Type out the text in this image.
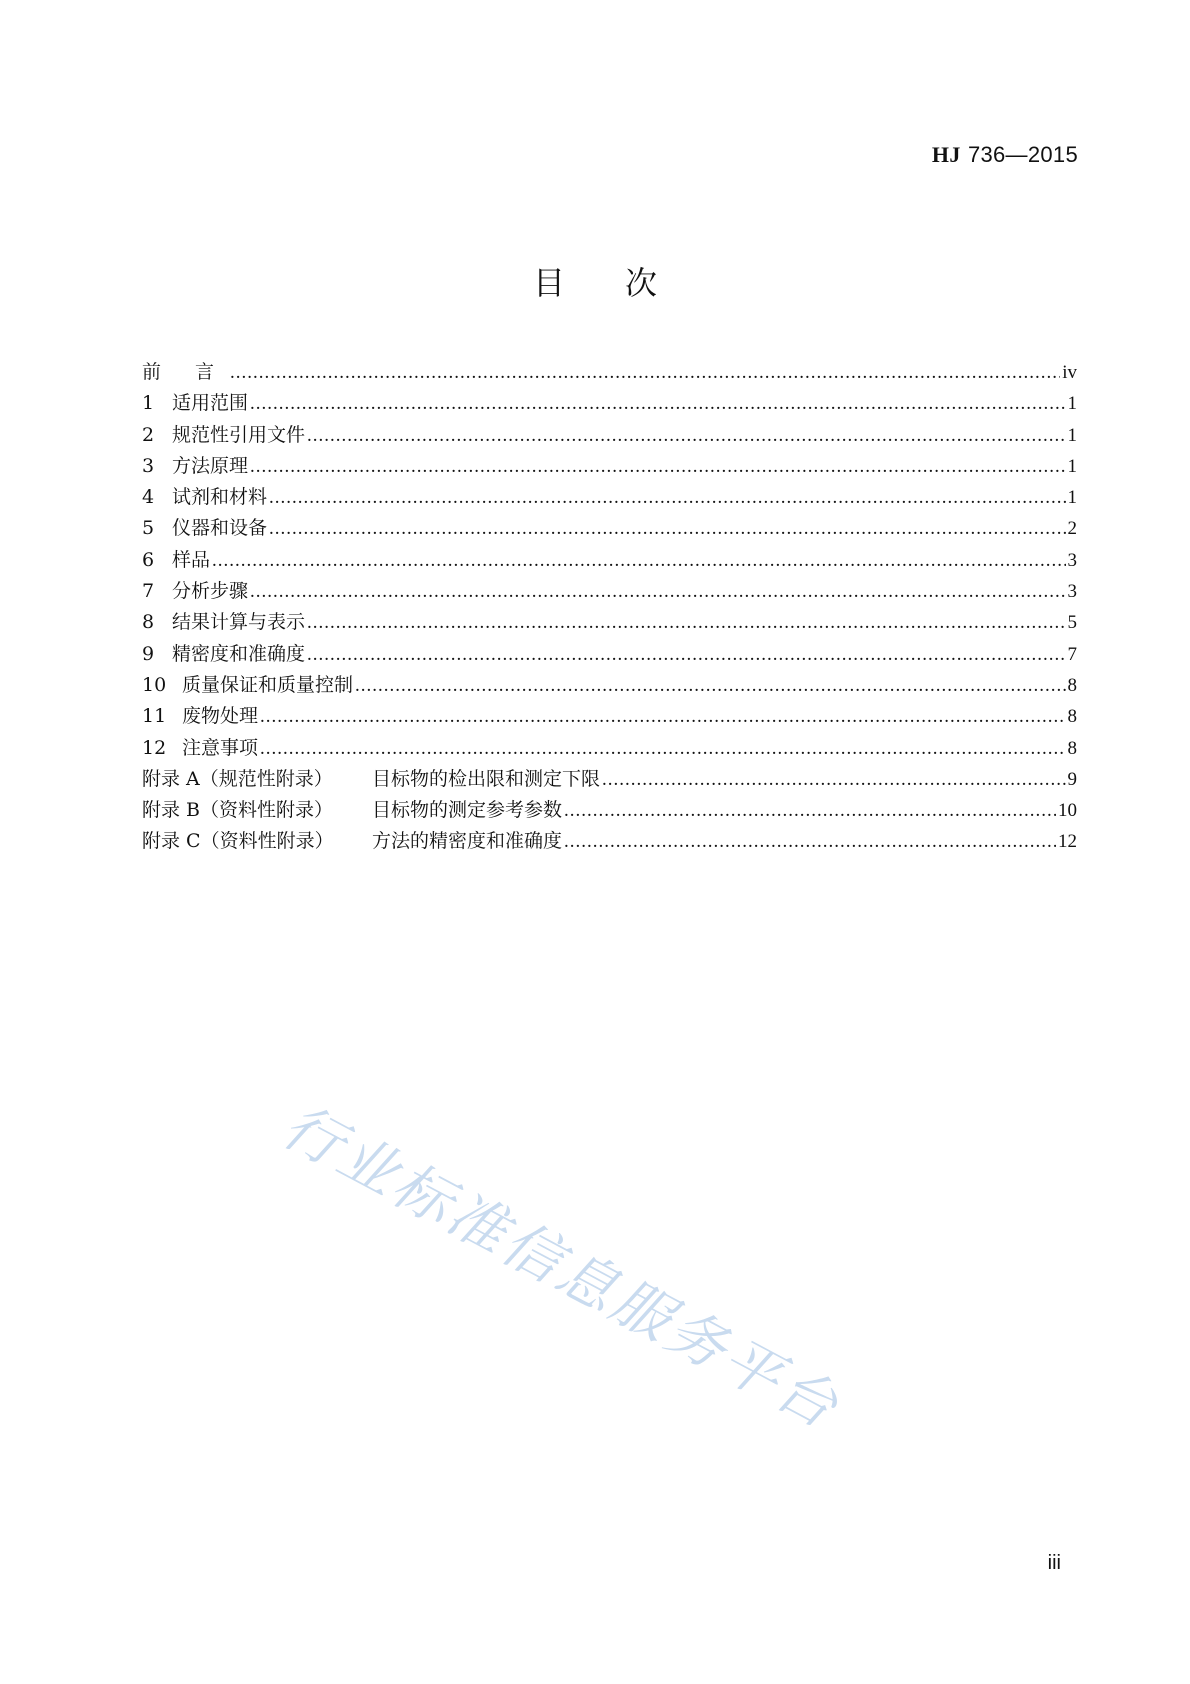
HJ 736—2015
目次
前 言 .....	iv
1 适用范围 .....	1
2 规范性引用文件 .....	1
3 方法原理 .....	1
4 试剂和材料 .....	1
5 仪器和设备 .....	2
6 样品 .....	3
7 分析步骤 .....	3
8 结果计算与表示 .....	5
9 精密度和准确度 .....	7
10 质量保证和质量控制 .....	8
11 废物处理 .....	8
12 注意事项 .....	8
附录 A（规范性附录）	目标物的检出限和测定下限 .....	9
附录 B（资料性附录）	目标物的测定参考参数 .....	10
附录 C（资料性附录）	方法的精密度和准确度 .....	12
行业标准信息服务平台
iii
